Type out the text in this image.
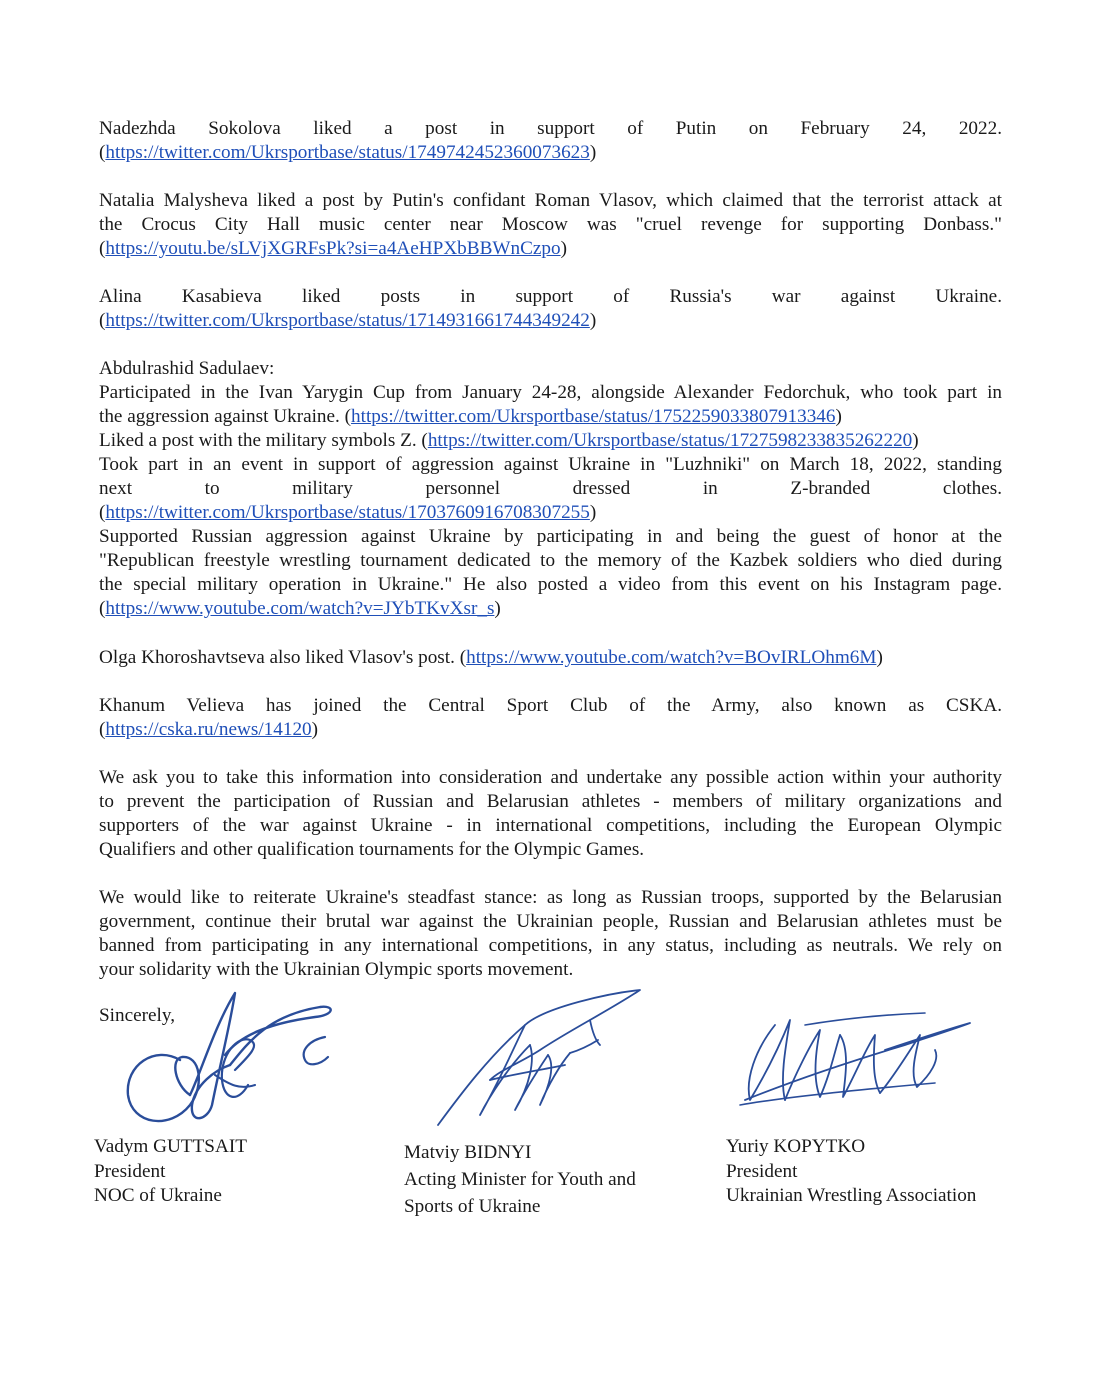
Nadezhda Sokolova liked a post in support of Putin on February 24, 2022.
(https://twitter.com/Ukrsportbase/status/1749742452360073623)
Natalia Malysheva liked a post by Putin's confidant Roman Vlasov, which claimed that the terrorist attack at
the Crocus City Hall music center near Moscow was "cruel revenge for supporting Donbass."
(https://youtu.be/sLVjXGRFsPk?si=a4AeHPXbBBWnCzpo)
Alina Kasabieva liked posts in support of Russia's war against Ukraine.
(https://twitter.com/Ukrsportbase/status/1714931661744349242)
Abdulrashid Sadulaev:
Participated in the Ivan Yarygin Cup from January 24-28, alongside Alexander Fedorchuk, who took part in
the aggression against Ukraine. (https://twitter.com/Ukrsportbase/status/1752259033807913346)
Liked a post with the military symbols Z. (https://twitter.com/Ukrsportbase/status/1727598233835262220)
Took part in an event in support of aggression against Ukraine in "Luzhniki" on March 18, 2022, standing
next to military personnel dressed in Z-branded clothes.
(https://twitter.com/Ukrsportbase/status/1703760916708307255)
Supported Russian aggression against Ukraine by participating in and being the guest of honor at the
"Republican freestyle wrestling tournament dedicated to the memory of the Kazbek soldiers who died during
the special military operation in Ukraine." He also posted a video from this event on his Instagram page.
(https://www.youtube.com/watch?v=JYbTKvXsr_s)
Olga Khoroshavtseva also liked Vlasov's post. (https://www.youtube.com/watch?v=BOvIRLOhm6M)
Khanum Velieva has joined the Central Sport Club of the Army, also known as CSKA.
(https://cska.ru/news/14120)
We ask you to take this information into consideration and undertake any possible action within your authority
to prevent the participation of Russian and Belarusian athletes - members of military organizations and
supporters of the war against Ukraine - in international competitions, including the European Olympic
Qualifiers and other qualification tournaments for the Olympic Games.
We would like to reiterate Ukraine's steadfast stance: as long as Russian troops, supported by the Belarusian
government, continue their brutal war against the Ukrainian people, Russian and Belarusian athletes must be
banned from participating in any international competitions, in any status, including as neutrals. We rely on
your solidarity with the Ukrainian Olympic sports movement.
Sincerely,
Vadym GUTTSAIT
President
NOC of Ukraine
Matviy BIDNYI
Acting Minister for Youth and
Sports of Ukraine
Yuriy KOPYTKO
President
Ukrainian Wrestling Association
